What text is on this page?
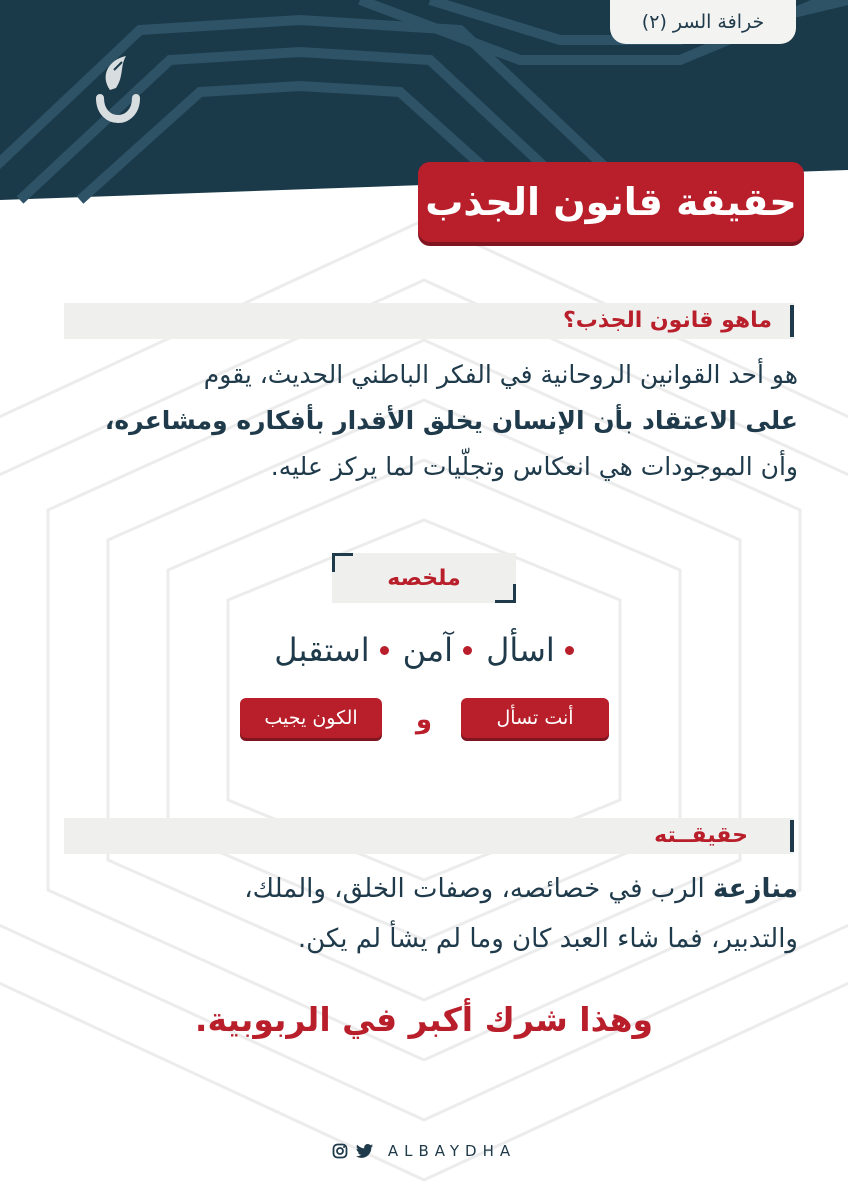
خرافة السر (٢)
حقيقة قانون الجذب
ماهو قانون الجذب؟
هو أحد القوانين الروحانية في الفكر الباطني الحديث، يقوم
على الاعتقاد بأن الإنسان يخلق الأقدار بأفكاره ومشاعره،
وأن الموجودات هي انعكاس وتجلّيات لما يركز عليه.
ملخصه
اسأل
آمن
استقبل
أنت تسأل
و
الكون يجيب
حقيقــته
منازعة الرب في خصائصه، وصفات الخلق، والملك،
والتدبير، فما شاء العبد كان وما لم يشأ لم يكن.
وهذا شرك أكبر في الربوبية.
ALBAYDHA
